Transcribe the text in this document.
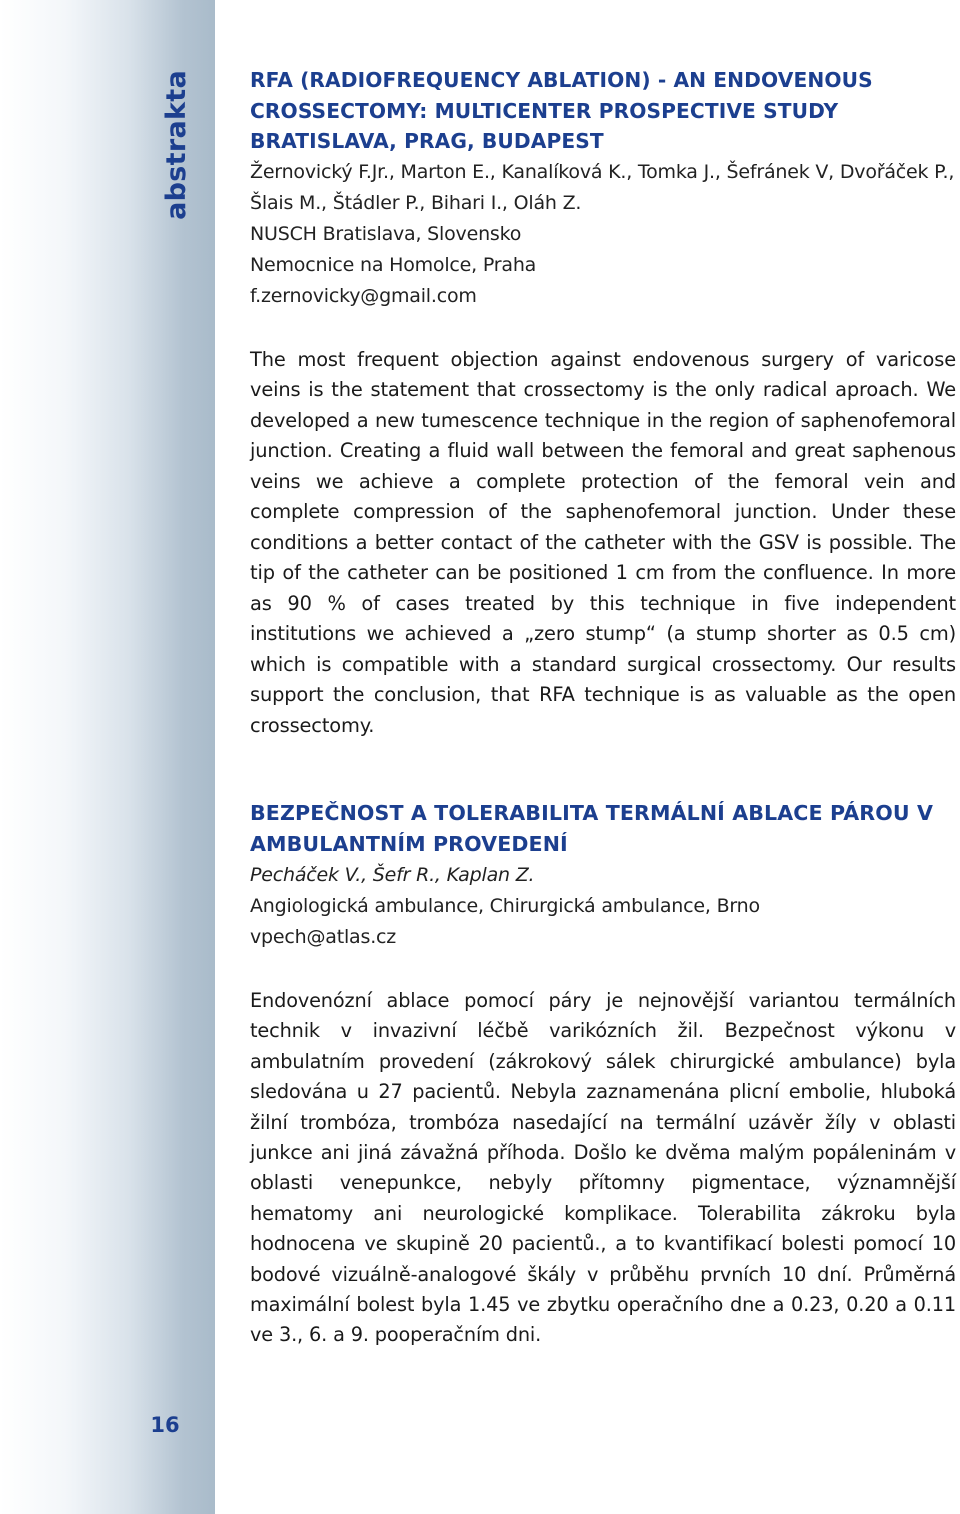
abstrakta
16

RFA (RADIOFREQUENCY ABLATION) - AN ENDOVENOUS CROSSECTOMY: MULTICENTER PROSPECTIVE STUDY BRATISLAVA, PRAG, BUDAPEST

Žernovický F.Jr., Marton E., Kanalíková K., Tomka J., Šefránek V, Dvořáček P., Šlais M., Štádler P., Bihari I., Oláh Z.

NUSCH Bratislava, Slovensko

Nemocnice na Homolce, Praha

f.zernovicky@gmail.com

The most frequent objection against endovenous surgery of varicose veins is the statement that crossectomy is the only radical aproach. We developed a new tumescence technique in the region of saphenofemoral junction. Creating a fluid wall between the femoral and great saphenous veins we achieve a complete protection of the femoral vein and complete compression of the saphenofemoral junction. Under these conditions a better contact of the catheter with the GSV is possible. The tip of the catheter can be positioned 1 cm from the confluence. In more as 90 % of cases treated by this technique in five independent institutions we achieved a „zero stump“ (a stump shorter as 0.5 cm) which is compatible with a standard surgical crossectomy. Our results support the conclusion, that RFA technique is as valuable as the open crossectomy.

BEZPEČNOST A TOLERABILITA TERMÁLNÍ ABLACE PÁROU V AMBULANTNÍM PROVEDENÍ

Pecháček V., Šefr R., Kaplan Z.

Angiologická ambulance, Chirurgická ambulance, Brno

vpech@atlas.cz

Endovenózní ablace pomocí páry je nejnovější variantou termálních technik v invazivní léčbě varikózních žil. Bezpečnost výkonu v ambulatním provedení (zákrokový sálek chirurgické ambulance) byla sledována u 27 pacientů. Nebyla zaznamenána plicní embolie, hluboká žilní trombóza, trombóza nasedající na termální uzávěr žíly v oblasti junkce ani jiná závažná příhoda. Došlo ke dvěma malým popáleninám v oblasti venepunkce, nebyly přítomny pigmentace, významnější hematomy ani neurologické komplikace. Tolerabilita zákroku byla hodnocena ve skupině 20 pacientů., a to kvantifikací bolesti pomocí 10 bodové vizuálně-analogové škály v průběhu prvních 10 dní. Průměrná maximální bolest byla 1.45 ve zbytku operačního dne a 0.23, 0.20 a 0.11 ve 3., 6. a 9. pooperačním dni.
